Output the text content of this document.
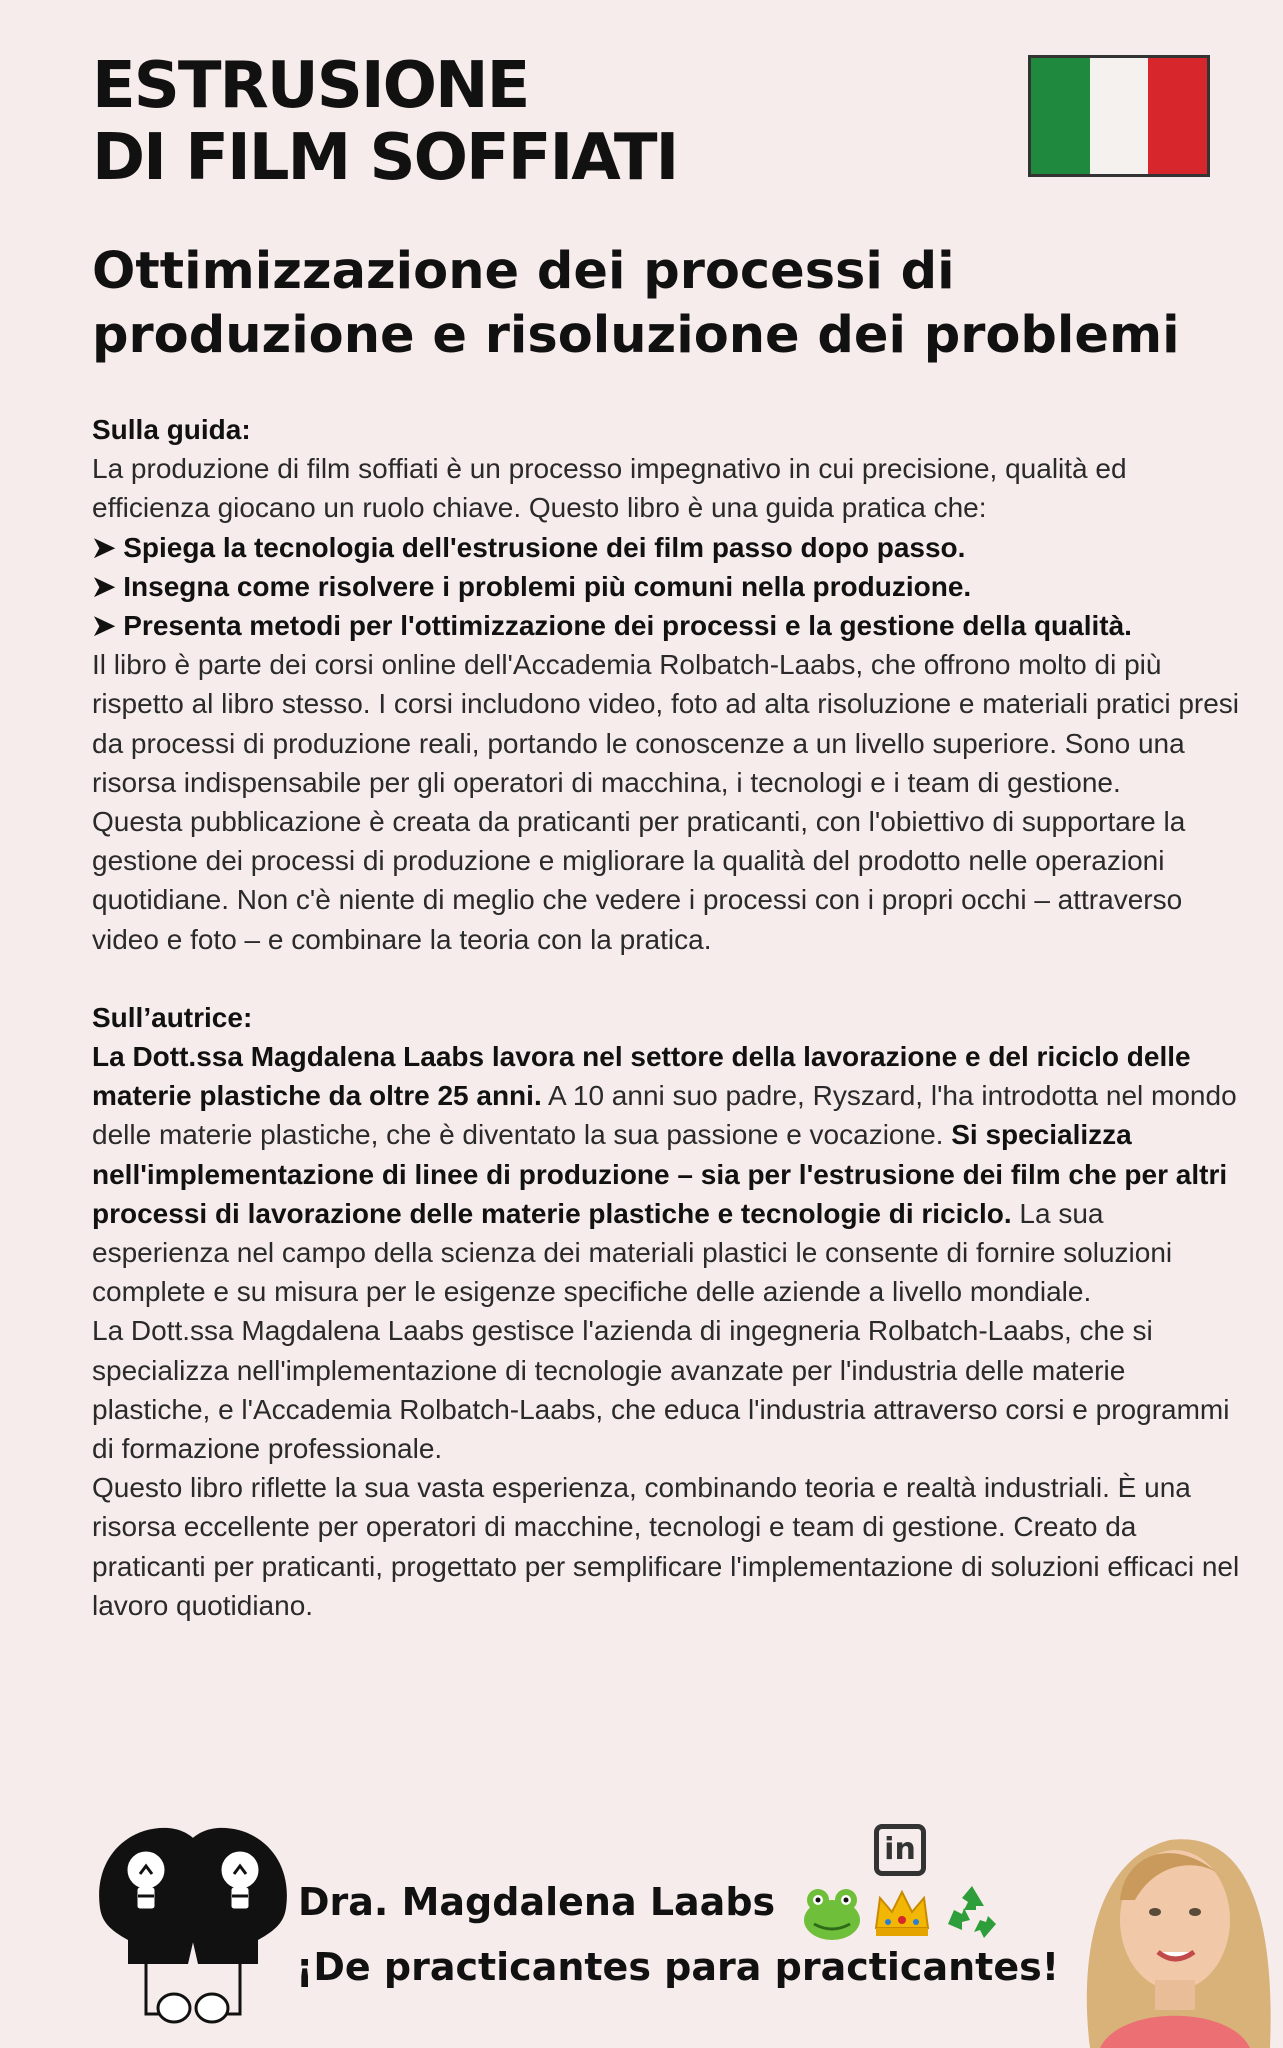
ESTRUSIONE
DI FILM SOFFIATI
Ottimizzazione dei processi di
produzione e risoluzione dei problemi

Sulla guida:

La produzione di film soffiati è un processo impegnativo in cui precisione, qualità ed efficienza giocano un ruolo chiave. Questo libro è una guida pratica che:

➤ Spiega la tecnologia dell'estrusione dei film passo dopo passo.

➤ Insegna come risolvere i problemi più comuni nella produzione.

➤ Presenta metodi per l'ottimizzazione dei processi e la gestione della qualità.

Il libro è parte dei corsi online dell'Accademia Rolbatch-Laabs, che offrono molto di più rispetto al libro stesso. I corsi includono video, foto ad alta risoluzione e materiali pratici presi da processi di produzione reali, portando le conoscenze a un livello superiore. Sono una risorsa indispensabile per gli operatori di macchina, i tecnologi e i team di gestione.

Questa pubblicazione è creata da praticanti per praticanti, con l'obiettivo di supportare la gestione dei processi di produzione e migliorare la qualità del prodotto nelle operazioni quotidiane. Non c'è niente di meglio che vedere i processi con i propri occhi – attraverso video e foto – e combinare la teoria con la pratica.

Sull’autrice:

La Dott.ssa Magdalena Laabs lavora nel settore della lavorazione e del riciclo delle materie plastiche da oltre 25 anni. A 10 anni suo padre, Ryszard, l'ha introdotta nel mondo delle materie plastiche, che è diventato la sua passione e vocazione. Si specializza nell'implementazione di linee di produzione – sia per l'estrusione dei film che per altri processi di lavorazione delle materie plastiche e tecnologie di riciclo. La sua esperienza nel campo della scienza dei materiali plastici le consente di fornire soluzioni complete e su misura per le esigenze specifiche delle aziende a livello mondiale.

La Dott.ssa Magdalena Laabs gestisce l'azienda di ingegneria Rolbatch-Laabs, che si specializza nell'implementazione di tecnologie avanzate per l'industria delle materie plastiche, e l'Accademia Rolbatch-Laabs, che educa l'industria attraverso corsi e programmi di formazione professionale.

Questo libro riflette la sua vasta esperienza, combinando teoria e realtà industriali. È una risorsa eccellente per operatori di macchine, tecnologi e team di gestione. Creato da praticanti per praticanti, progettato per semplificare l'implementazione di soluzioni efficaci nel lavoro quotidiano.

in
Dra. Magdalena Laabs
¡De practicantes para practicantes!
